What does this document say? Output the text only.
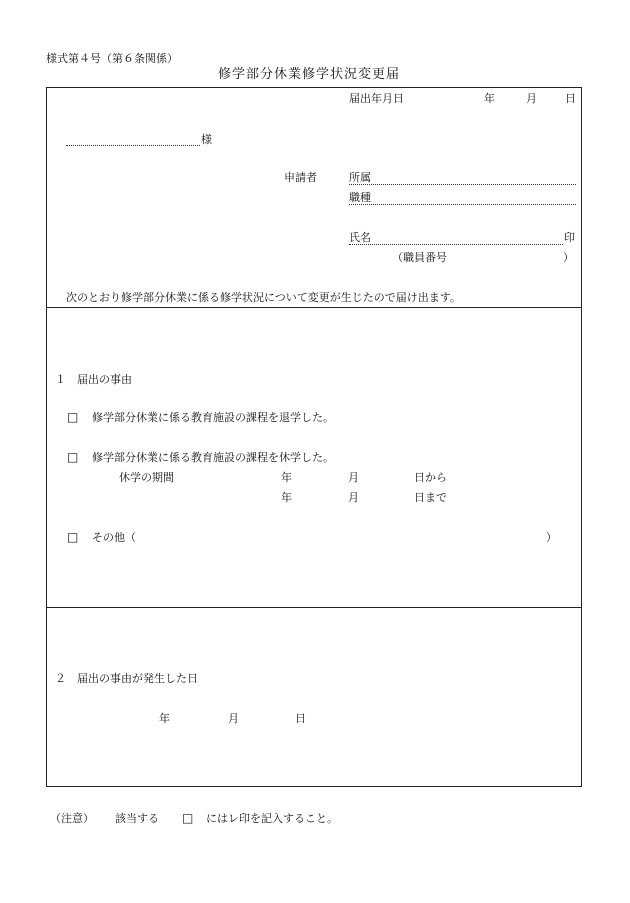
様式第４号（第６条関係）
修学部分休業修学状況変更届
届出年月日	年	月	日
様
申請者	所属
職種
氏名	印
（職員番号	）
次のとおり修学部分休業に係る修学状況について変更が生じたので届け出ます。
１　届出の事由
□ 修学部分休業に係る教育施設の課程を退学した。
□ 修学部分休業に係る教育施設の課程を休学した。
休学の期間	年	月	日から
年	月	日まで
□ その他（	）
２　届出の事由が発生した日
年	月	日
（注意） 該当する □ にはレ印を記入すること。
